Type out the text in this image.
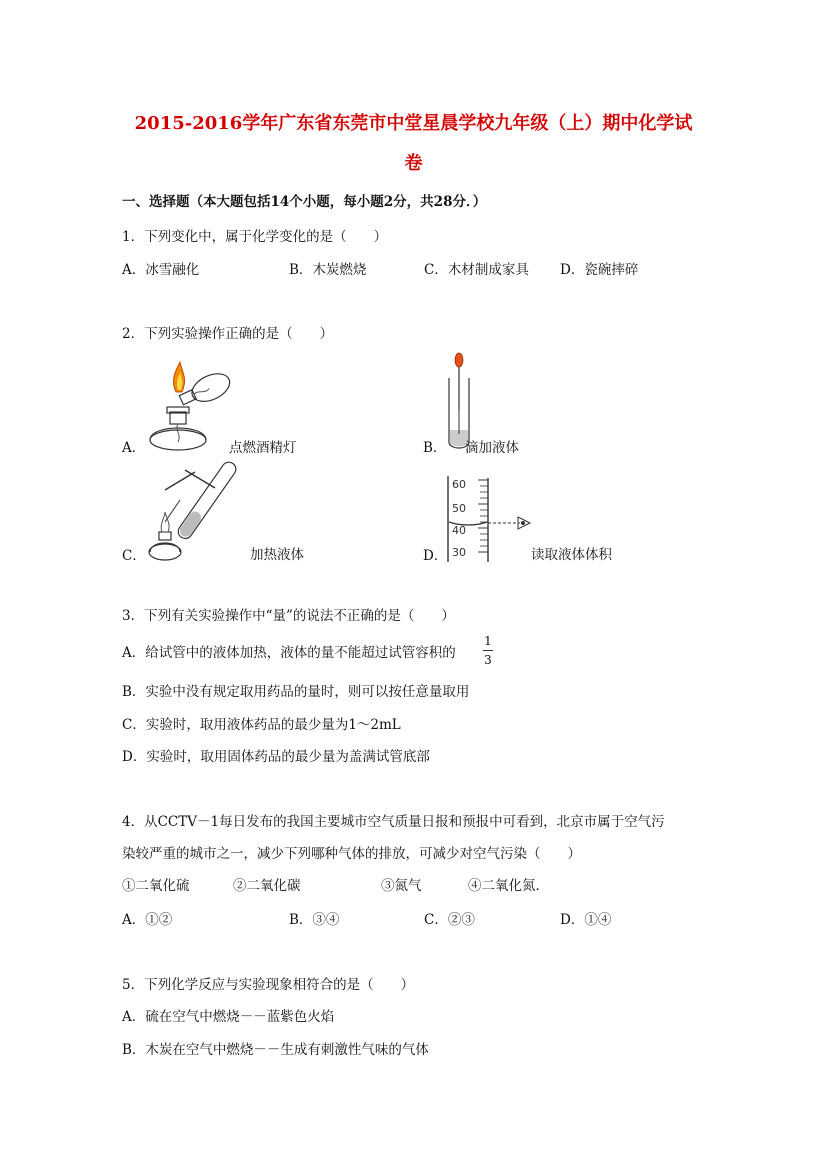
2015-2016学年广东省东莞市中堂星晨学校九年级（上）期中化学试
卷
一、选择题（本大题包括14个小题，每小题2分，共28分．）
1．下列变化中，属于化学变化的是（　　）
A．冰雪融化	B．木炭燃烧	C．木材制成家具 D．瓷碗摔碎
2．下列实验操作正确的是（　　）
A．	点燃酒精灯	B． 滴加液体
C．	加热液体
60
50
40
30
D．	读取液体体积
3．下列有关实验操作中“量”的说法不正确的是（　　）
A．给试管中的液体加热，液体的量不能超过试管容积的
1
3
B．实验中没有规定取用药品的量时，则可以按任意量取用
C．实验时，取用液体药品的最少量为1～2mL
D．实验时，取用固体药品的最少量为盖满试管底部
4．从CCTV－1每日发布的我国主要城市空气质量日报和预报中可看到，北京市属于空气污
染较严重的城市之一，减少下列哪种气体的排放，可减少对空气污染（　　）
①二氧化硫	②二氧化碳	③氮气	④二氧化氮．
A．①②	B．③④	C．②③	D．①④
5．下列化学反应与实验现象相符合的是（　　）
A．硫在空气中燃烧－－蓝紫色火焰
B．木炭在空气中燃烧－－生成有刺激性气味的气体
